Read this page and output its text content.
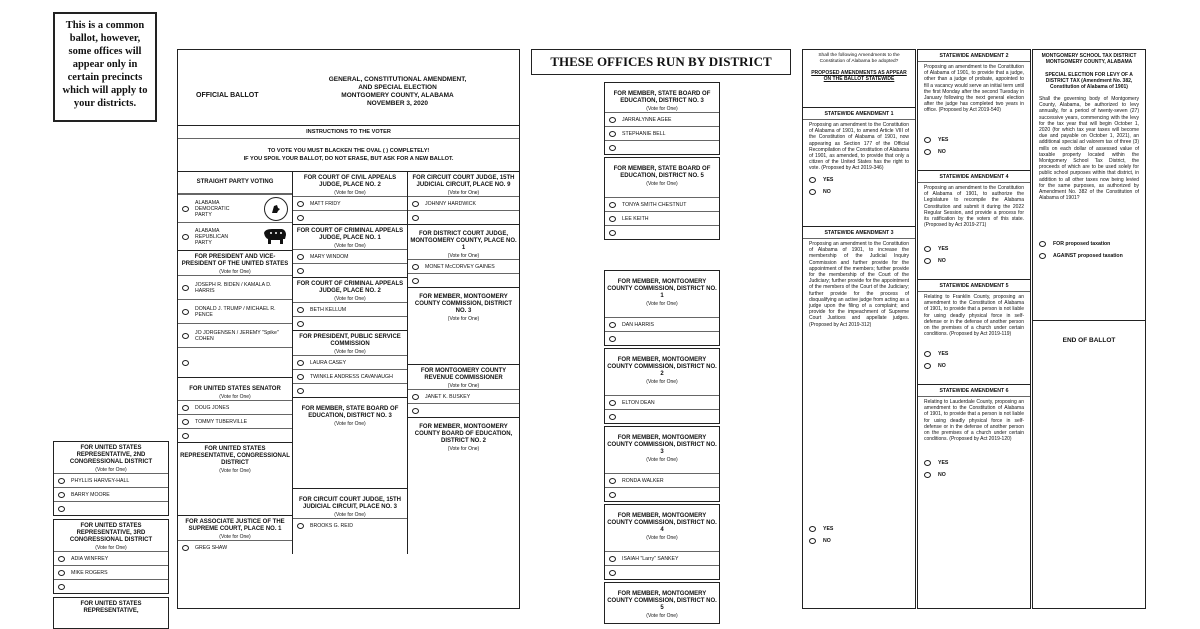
This is a common ballot, however, some offices will appear only in certain precincts which will apply to your districts.
OFFICIAL BALLOT
GENERAL, CONSTITUTIONAL AMENDMENT,
AND SPECIAL ELECTION
MONTGOMERY COUNTY, ALABAMA
NOVEMBER 3, 2020
INSTRUCTIONS TO THE VOTER
TO VOTE YOU MUST BLACKEN THE OVAL ( ) COMPLETELY!
IF YOU SPOIL YOUR BALLOT, DO NOT ERASE, BUT ASK FOR A NEW BALLOT.
STRAIGHT PARTY VOTING
ALABAMA DEMOCRATIC PARTY
ALABAMA REPUBLICAN PARTY
FOR PRESIDENT AND VICE-PRESIDENT OF THE UNITED STATES
(Vote for One)
JOSEPH R. BIDEN / KAMALA D. HARRIS
DONALD J. TRUMP / MICHAEL R. PENCE
JO JORGENSEN / JEREMY "Spike" COHEN
FOR UNITED STATES SENATOR
(Vote for One)
DOUG JONES
TOMMY TUBERVILLE
FOR UNITED STATES REPRESENTATIVE, CONGRESSIONAL DISTRICT
(Vote for One)
FOR ASSOCIATE JUSTICE OF THE SUPREME COURT, PLACE NO. 1
(Vote for One)
GREG SHAW
FOR COURT OF CIVIL APPEALS JUDGE, PLACE NO. 2
(Vote for One)
MATT FRIDY
FOR COURT OF CRIMINAL APPEALS JUDGE, PLACE NO. 1
(Vote for One)
MARY WINDOM
FOR COURT OF CRIMINAL APPEALS JUDGE, PLACE NO. 2
(Vote for One)
BETH KELLUM
FOR PRESIDENT, PUBLIC SERVICE COMMISSION
(Vote for One)
LAURA CASEY
TWINKLE ANDRESS CAVANAUGH
FOR MEMBER, STATE BOARD OF EDUCATION, DISTRICT NO. 3
(Vote for One)
FOR CIRCUIT COURT JUDGE, 15TH JUDICIAL CIRCUIT, PLACE NO. 3
(Vote for One)
BROOKS G. REID
FOR CIRCUIT COURT JUDGE, 15TH JUDICIAL CIRCUIT, PLACE NO. 9
(Vote for One)
JOHNNY HARDWICK
FOR DISTRICT COURT JUDGE, MONTGOMERY COUNTY, PLACE NO. 1
(Vote for One)
MONET McCORVEY GAINES
FOR MEMBER, MONTGOMERY COUNTY COMMISSION, DISTRICT NO. 3
(Vote for One)
FOR MONTGOMERY COUNTY REVENUE COMMISSIONER
(Vote for One)
JANET K. BUSKEY
FOR MEMBER, MONTGOMERY COUNTY BOARD OF EDUCATION, DISTRICT NO. 2
(Vote for One)
FOR UNITED STATES REPRESENTATIVE, 2ND CONGRESSIONAL DISTRICT
(Vote for One)
PHYLLIS HARVEY-HALL
BARRY MOORE
FOR UNITED STATES REPRESENTATIVE, 3RD CONGRESSIONAL DISTRICT
(Vote for One)
ADIA WINFREY
MIKE ROGERS
FOR UNITED STATES REPRESENTATIVE,
THESE OFFICES RUN BY DISTRICT
FOR MEMBER, STATE BOARD OF EDUCATION, DISTRICT NO. 3
(Vote for One)
JARRALYNNE AGEE
STEPHANIE BELL
FOR MEMBER, STATE BOARD OF EDUCATION, DISTRICT NO. 5
(Vote for One)
TONYA SMITH CHESTNUT
LEE KEITH
FOR MEMBER, MONTGOMERY COUNTY COMMISSION, DISTRICT NO. 1
(Vote for One)
DAN HARRIS
FOR MEMBER, MONTGOMERY COUNTY COMMISSION, DISTRICT NO. 2
(Vote for One)
ELTON DEAN
FOR MEMBER, MONTGOMERY COUNTY COMMISSION, DISTRICT NO. 3
(Vote for One)
RONDA WALKER
FOR MEMBER, MONTGOMERY COUNTY COMMISSION, DISTRICT NO. 4
(Vote for One)
ISAIAH "Larry" SANKEY
FOR MEMBER, MONTGOMERY COUNTY COMMISSION, DISTRICT NO. 5
(Vote for One)
Shall the following Amendments to the Constitution of Alabama be adopted?
PROPOSED AMENDMENTS AS APPEAR ON THE BALLOT STATEWIDE
STATEWIDE AMENDMENT 1
Proposing an amendment to the Constitution of Alabama of 1901, to amend Article VIII of the Constitution of Alabama of 1901, now appearing as Section 177 of the Official Recompilation of the Constitution of Alabama of 1901, as amended, to provide that only a citizen of the United States has the right to vote. (Proposed by Act 2019-346)
YES
NO
STATEWIDE AMENDMENT 3
Proposing an amendment to the Constitution of Alabama of 1901, to increase the membership of the Judicial Inquiry Commission and further provide for the appointment of the members; further provide for the membership of the Court of the Judiciary; further provide for the appointment of the members of the Court of the Judiciary; further provide for the process of disqualifying an active judge from acting as a judge upon the filing of a complaint; and provide for the impeachment of Supreme Court Justices and appellate judges. (Proposed by Act 2019-312)
YES
NO
STATEWIDE AMENDMENT 2
Proposing an amendment to the Constitution of Alabama of 1901, to provide that a judge, other than a judge of probate, appointed to fill a vacancy would serve an initial term until the first Monday after the second Tuesday in January following the next general election after the judge has completed two years in office. (Proposed by Act 2019-540)
YES
NO
STATEWIDE AMENDMENT 4
Proposing an amendment to the Constitution of Alabama of 1901, to authorize the Legislature to recompile the Alabama Constitution and submit it during the 2022 Regular Session, and provide a process for its ratification by the voters of this state. (Proposed by Act 2019-271)
YES
NO
STATEWIDE AMENDMENT 5
Relating to Franklin County, proposing an amendment to the Constitution of Alabama of 1901, to provide that a person is not liable for using deadly physical force in self-defense or in the defense of another person on the premises of a church under certain conditions. (Proposed by Act 2019-119)
YES
NO
STATEWIDE AMENDMENT 6
Relating to Lauderdale County, proposing an amendment to the Constitution of Alabama of 1901, to provide that a person is not liable for using deadly physical force in self-defense or in the defense of another person on the premises of a church under certain conditions. (Proposed by Act 2019-120)
YES
NO
MONTGOMERY SCHOOL TAX DISTRICT MONTGOMERY COUNTY, ALABAMA
SPECIAL ELECTION FOR LEVY OF A DISTRICT TAX (Amendment No. 382, Constitution of Alabama of 1901)
Shall the governing body of Montgomery County, Alabama, be authorized to levy annually, for a period of twenty-seven (27) successive years, commencing with the levy for the tax year that will begin October 1, 2020 (for which tax year taxes will become due and payable on October 1, 2021), an additional special ad valorem tax of three (3) mills on each dollar of assessed value of taxable property located within the Montgomery School Tax District, the proceeds of which are to be used solely for public school purposes within that district, in addition to all other taxes now being levied for the same purposes, as authorized by Amendment No. 382 of the Constitution of Alabama of 1901?
FOR proposed taxation
AGAINST proposed taxation
END OF BALLOT
